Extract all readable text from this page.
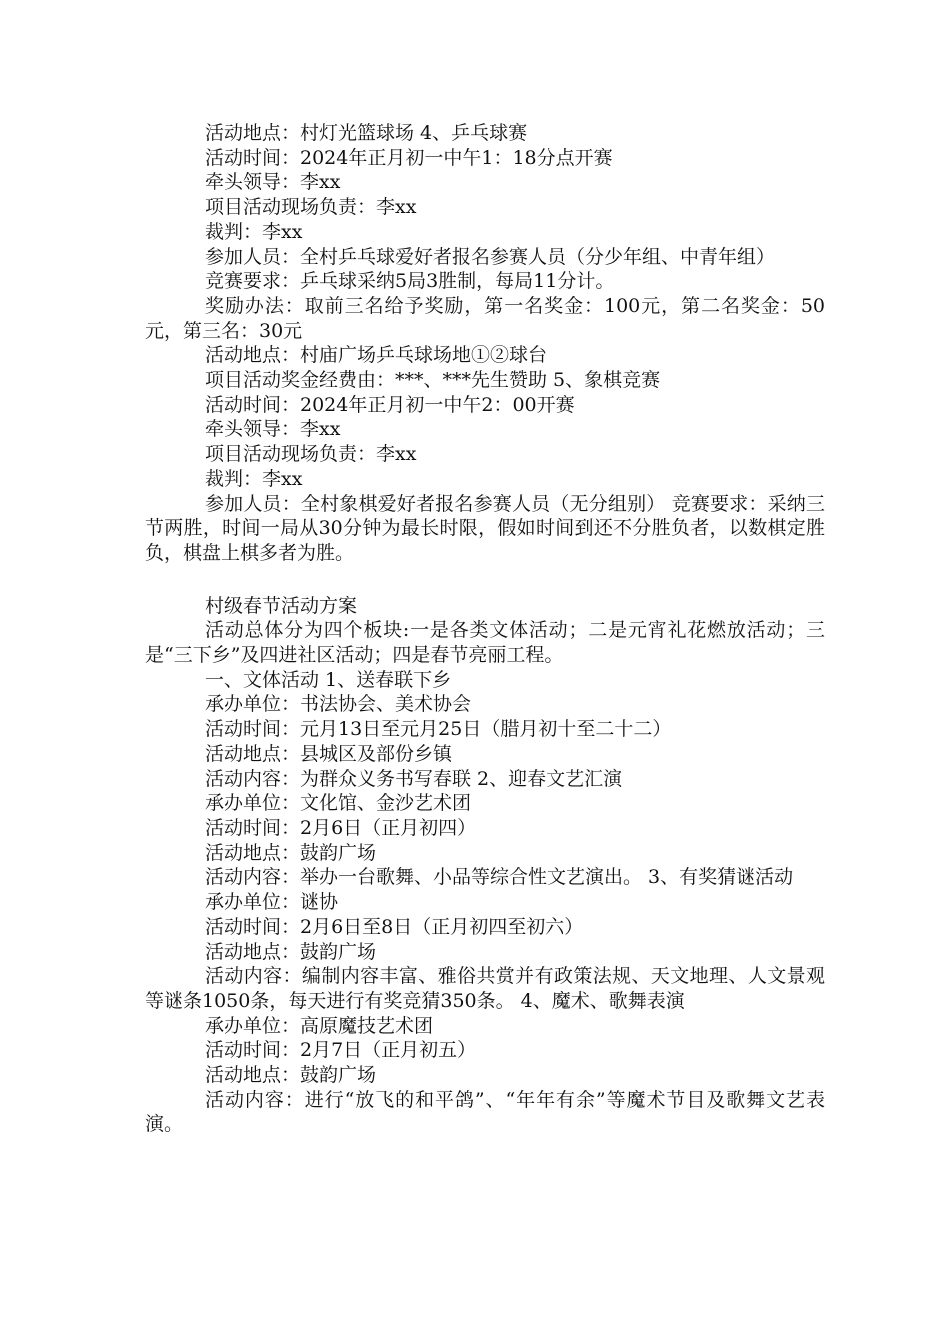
活动地点：村灯光篮球场 4、乒乓球赛

活动时间：2024年正月初一中午1：18分点开赛

牵头领导：李xx

项目活动现场负责：李xx

裁判：李xx

参加人员：全村乒乓球爱好者报名参赛人员（分少年组、中青年组）

竞赛要求：乒乓球采纳5局3胜制，每局11分计。

奖励办法：取前三名给予奖励，第一名奖金：100元，第二名奖金：50元，第三名：30元

活动地点：村庙广场乒乓球场地①②球台

项目活动奖金经费由：***、***先生赞助 5、象棋竞赛

活动时间：2024年正月初一中午2：00开赛

牵头领导：李xx

项目活动现场负责：李xx

裁判：李xx

参加人员：全村象棋爱好者报名参赛人员（无分组别） 竞赛要求：采纳三节两胜，时间一局从30分钟为最长时限，假如时间到还不分胜负者，以数棋定胜负，棋盘上棋多者为胜。

村级春节活动方案

活动总体分为四个板块:一是各类文体活动；二是元宵礼花燃放活动；三是“三下乡”及四进社区活动；四是春节亮丽工程。

一、文体活动 1、送春联下乡

承办单位：书法协会、美术协会

活动时间：元月13日至元月25日（腊月初十至二十二）

活动地点：县城区及部份乡镇

活动内容：为群众义务书写春联 2、迎春文艺汇演

承办单位：文化馆、金沙艺术团

活动时间：2月6日（正月初四）

活动地点：鼓韵广场

活动内容：举办一台歌舞、小品等综合性文艺演出。 3、有奖猜谜活动

承办单位：谜协

活动时间：2月6日至8日（正月初四至初六）

活动地点：鼓韵广场

活动内容：编制内容丰富、雅俗共赏并有政策法规、天文地理、人文景观等谜条1050条，每天进行有奖竞猜350条。 4、魔术、歌舞表演

承办单位：高原魔技艺术团

活动时间：2月7日（正月初五）

活动地点：鼓韵广场

活动内容：进行“放飞的和平鸽”、“年年有余”等魔术节目及歌舞文艺表演。
